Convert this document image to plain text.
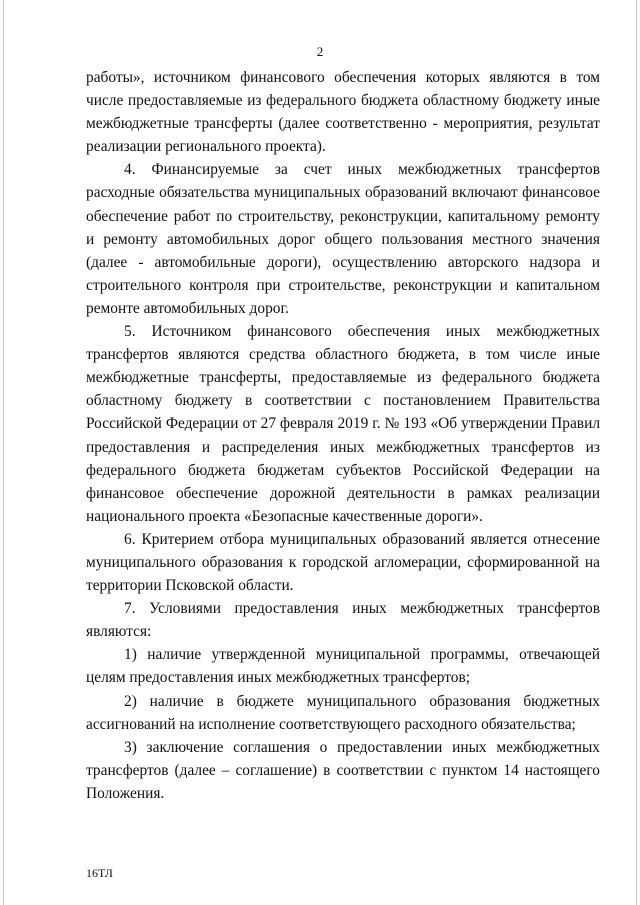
2

работы», источником финансового обеспечения которых являются в том числе предоставляемые из федерального бюджета областному бюджету иные межбюджетные трансферты (далее соответственно - мероприятия, результат реализации регионального проекта).

4. Финансируемые за счет иных межбюджетных трансфертов расходные обязательства муниципальных образований включают финансовое обеспечение работ по строительству, реконструкции, капитальному ремонту и ремонту автомобильных дорог общего пользования местного значения (далее - автомобильные дороги), осуществлению авторского надзора и строительного контроля при строительстве, реконструкции и капитальном ремонте автомобильных дорог.

5. Источником финансового обеспечения иных межбюджетных трансфертов являются средства областного бюджета, в том числе иные межбюджетные трансферты, предоставляемые из федерального бюджета областному бюджету в соответствии с постановлением Правительства Российской Федерации от 27 февраля 2019 г. № 193 «Об утверждении Правил предоставления и распределения иных межбюджетных трансфертов из федерального бюджета бюджетам субъектов Российской Федерации на финансовое обеспечение дорожной деятельности в рамках реализации национального проекта «Безопасные качественные дороги».

6. Критерием отбора муниципальных образований является отнесение муниципального образования к городской агломерации, сформированной на территории Псковской области.

7. Условиями предоставления иных межбюджетных трансфертов являются:

1) наличие утвержденной муниципальной программы, отвечающей целям предоставления иных межбюджетных трансфертов;

2) наличие в бюджете муниципального образования бюджетных ассигнований на исполнение соответствующего расходного обязательства;

3) заключение соглашения о предоставлении иных межбюджетных трансфертов (далее – соглашение) в соответствии с пунктом 14 настоящего Положения.

16ТЛ
